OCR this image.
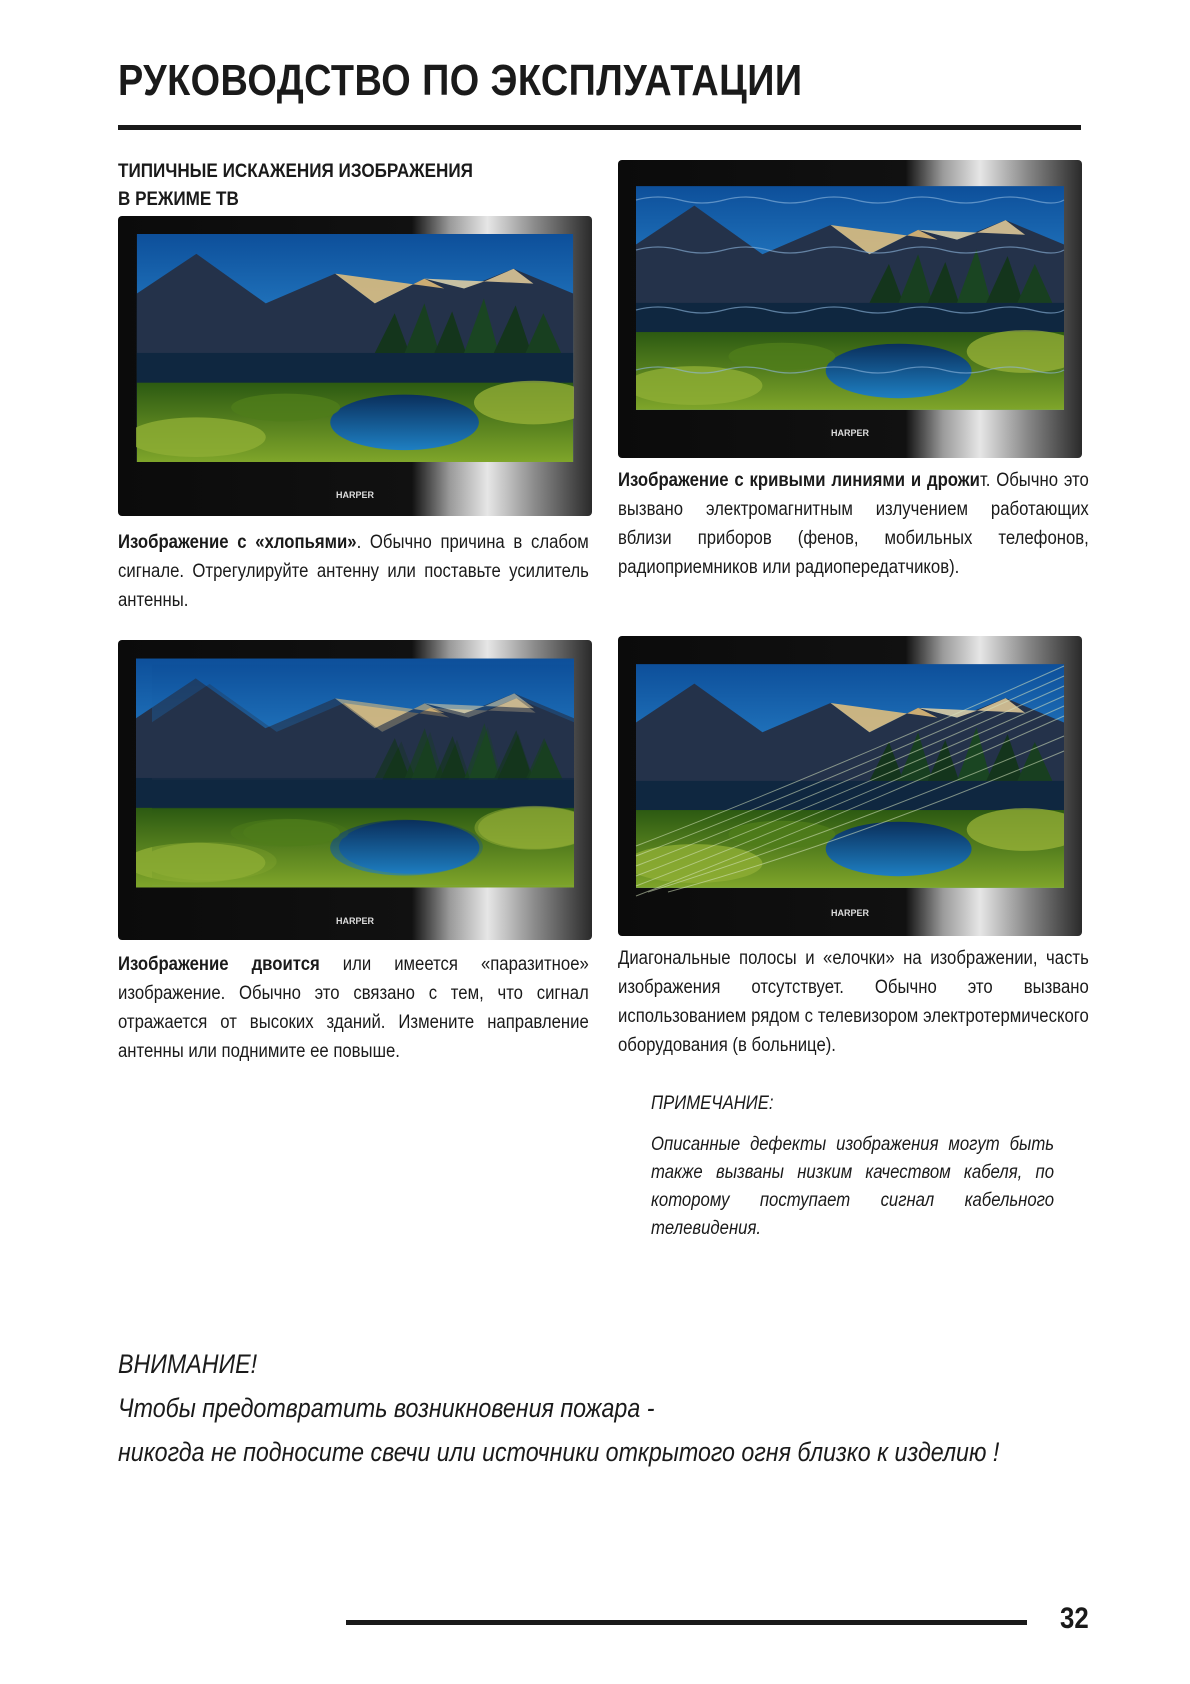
РУКОВОДСТВО ПО ЭКСПЛУАТАЦИИ
ТИПИЧНЫЕ ИСКАЖЕНИЯ ИЗОБРАЖЕНИЯ
В РЕЖИМЕ ТВ
HARPER
HARPER
HARPER
HARPER
Изображение с «хлопьями». Обычно причина в слабом сигнале. Отрегулируйте антенну или поставьте усилитель антенны.
Изображение с кривыми линиями и дрожит. Обычно это вызвано электромагнитным излучением работающих вблизи приборов (фенов, мобильных телефонов, радиоприемников или радиопередатчиков).
Изображение двоится или имеется «паразитное» изображение. Обычно это связано с тем, что сигнал отражается от высоких зданий. Измените направление антенны или поднимите ее повыше.
Диагональные полосы и «елочки» на изображении, часть изображения отсутствует. Обычно это вызвано использованием рядом с телевизором электротермического оборудования (в больнице).
ПРИМЕЧАНИЕ:
Описанные дефекты изображения могут быть также вызваны низким качеством кабеля, по которому поступает сигнал кабельного телевидения.
ВНИМАНИЕ!
Чтобы предотвратить возникновения пожара -
никогда не подносите свечи или источники открытого огня близко к изделию !
32
